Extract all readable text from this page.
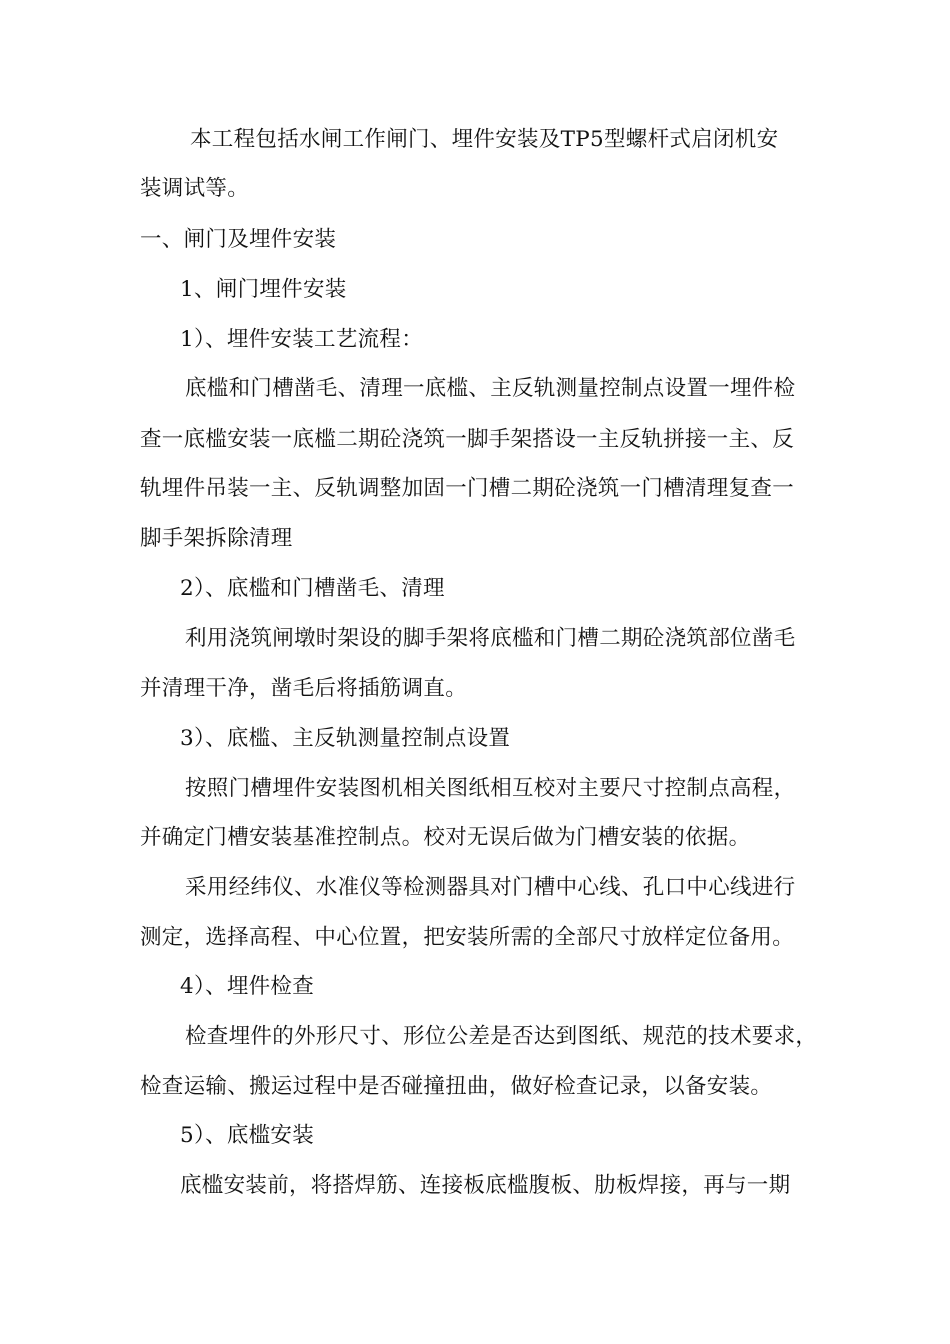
本工程包括水闸工作闸门、埋件安装及TP5型螺杆式启闭机安
装调试等。
一、闸门及埋件安装
1、闸门埋件安装
1）、埋件安装工艺流程：
底槛和门槽凿毛、清理一底槛、主反轨测量控制点设置一埋件检
查一底槛安装一底槛二期砼浇筑一脚手架搭设一主反轨拼接一主、反
轨埋件吊装一主、反轨调整加固一门槽二期砼浇筑一门槽清理复查一
脚手架拆除清理
2）、底槛和门槽凿毛、清理
利用浇筑闸墩时架设的脚手架将底槛和门槽二期砼浇筑部位凿毛
并清理干净，凿毛后将插筋调直。
3）、底槛、主反轨测量控制点设置
按照门槽埋件安装图机相关图纸相互校对主要尺寸控制点高程，
并确定门槽安装基准控制点。校对无误后做为门槽安装的依据。
采用经纬仪、水准仪等检测器具对门槽中心线、孔口中心线进行
测定，选择高程、中心位置，把安装所需的全部尺寸放样定位备用。
4）、埋件检查
检查埋件的外形尺寸、形位公差是否达到图纸、规范的技术要求，
检查运输、搬运过程中是否碰撞扭曲，做好检查记录，以备安装。
5）、底槛安装
底槛安装前，将搭焊筋、连接板底槛腹板、肋板焊接，再与一期
